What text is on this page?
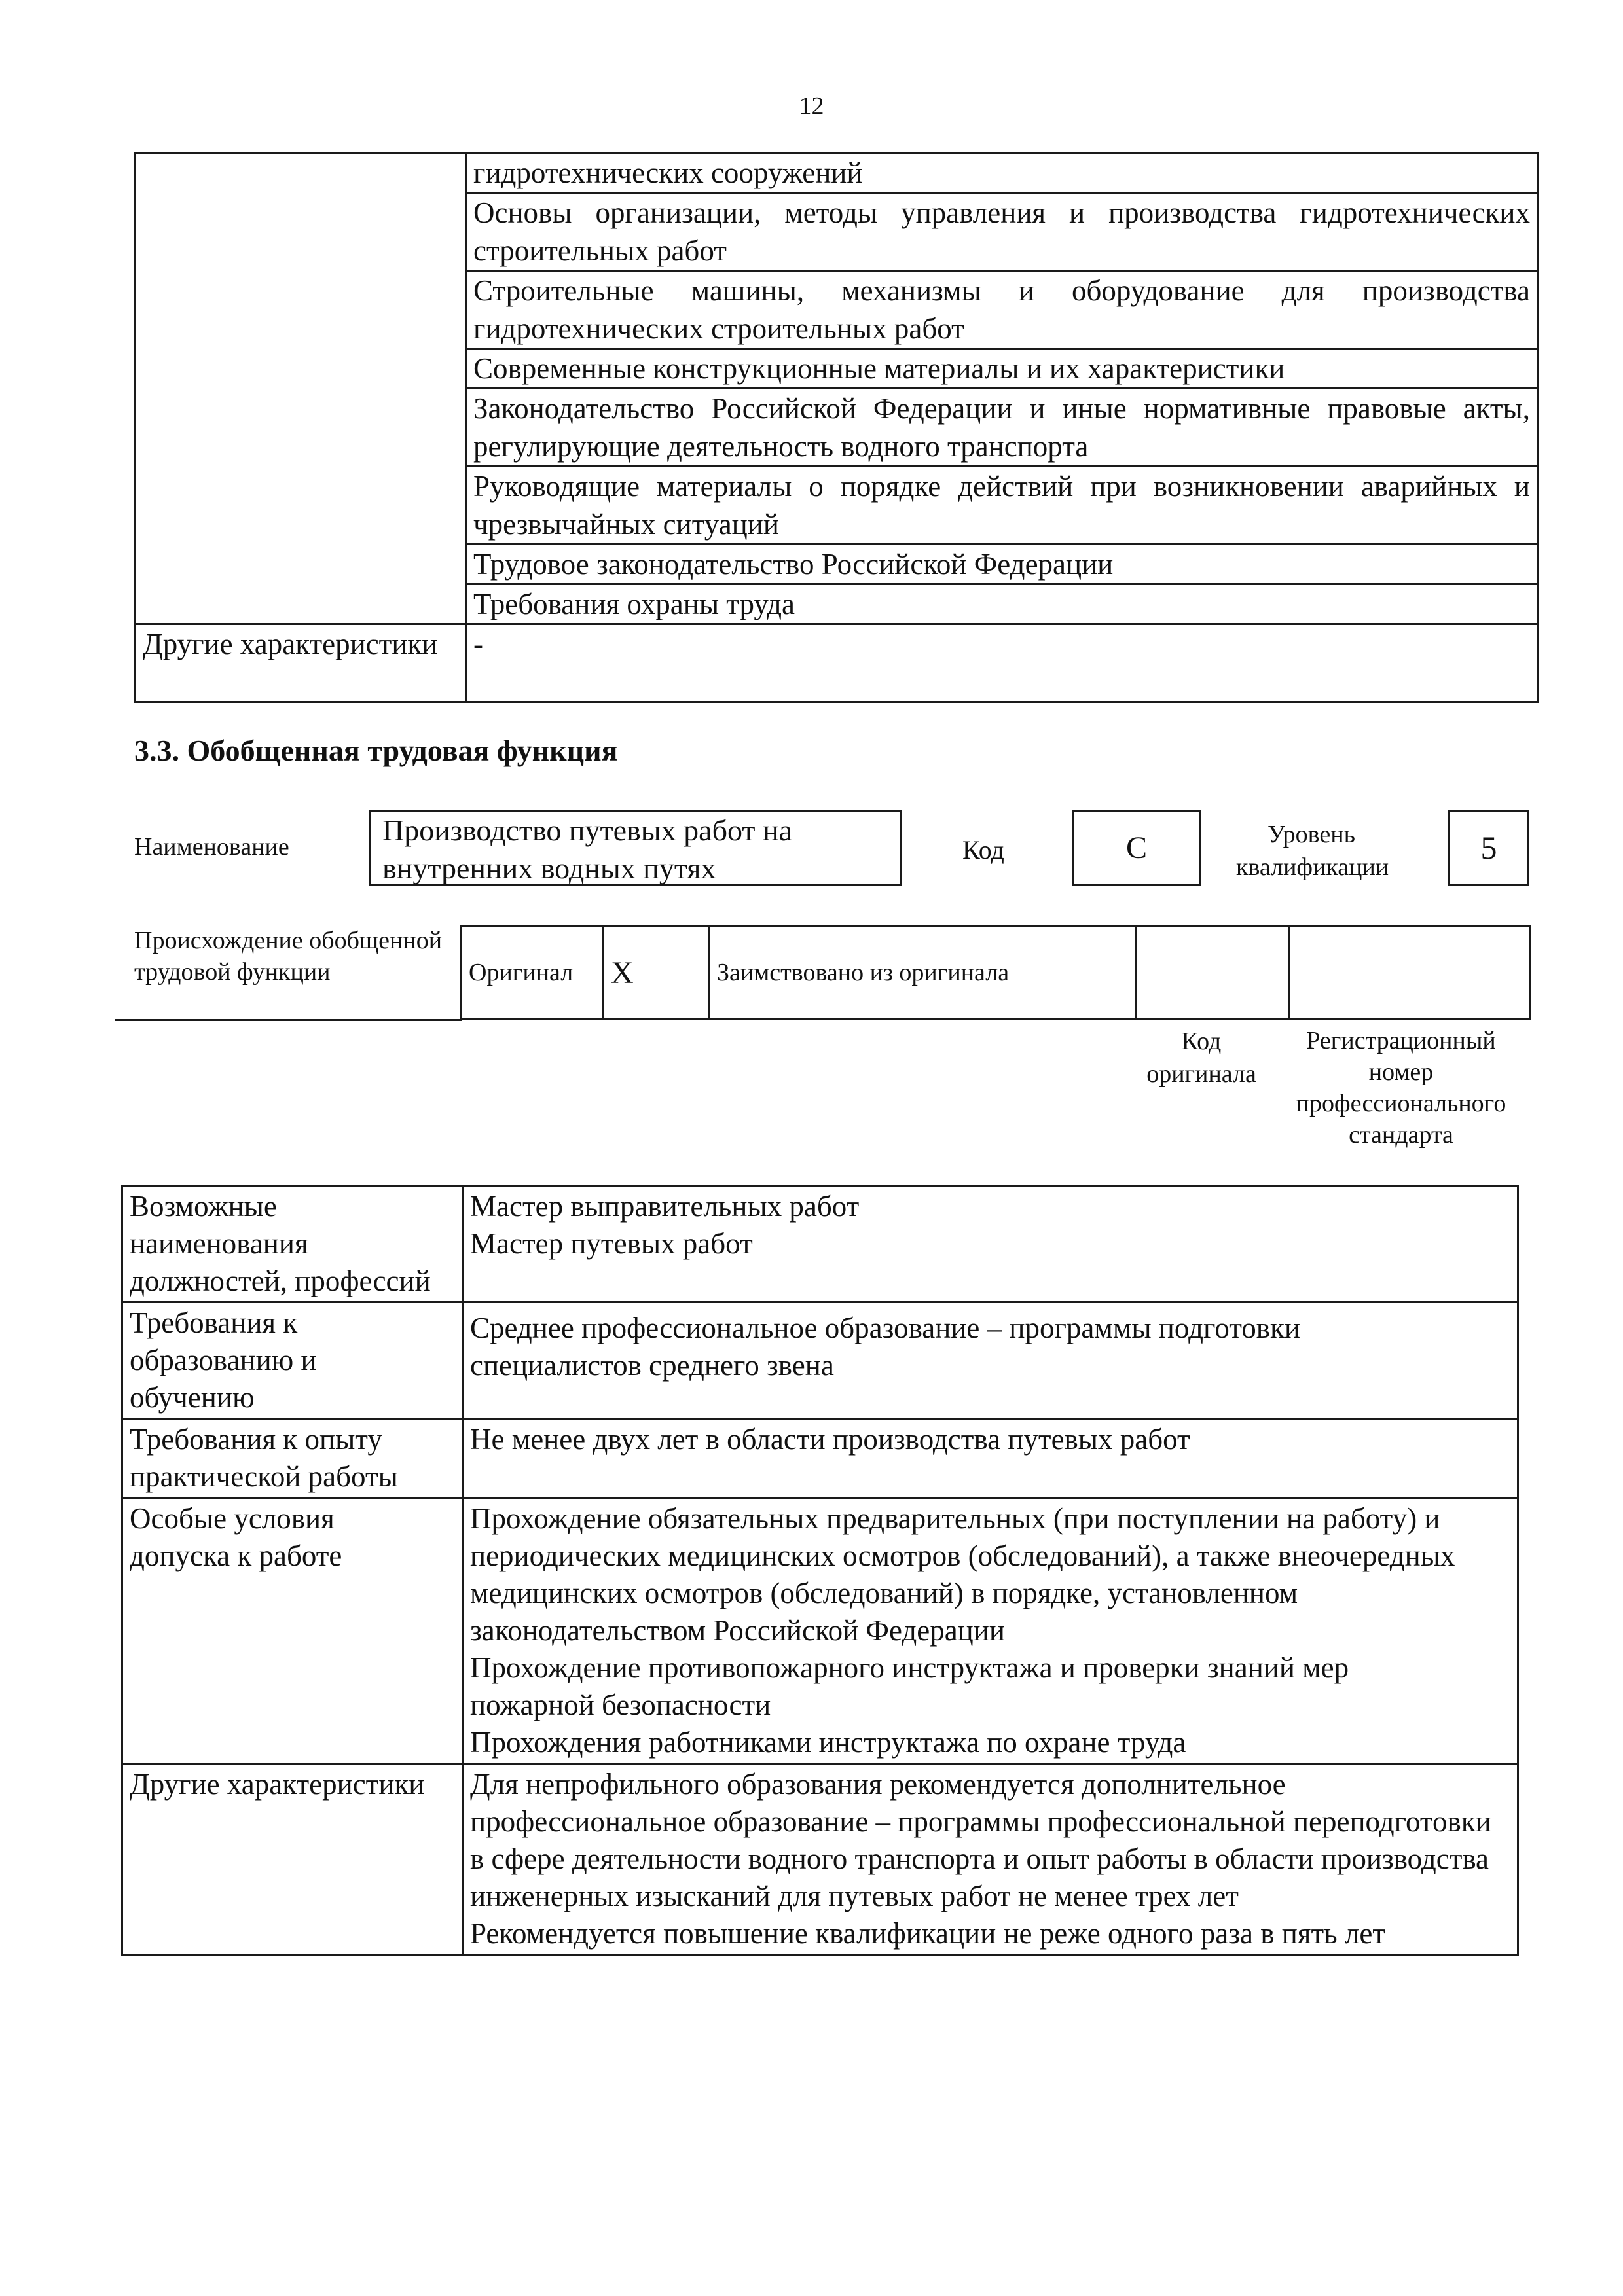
12
	гидротехнических сооружений
	Основы организации, методы управления и производства гидротехнических строительных работ
	Строительные машины, механизмы и оборудование для производства гидротехнических строительных работ
	Современные конструкционные материалы и их характеристики
	Законодательство Российской Федерации и иные нормативные правовые акты, регулирующие деятельность водного транспорта
	Руководящие материалы о порядке действий при возникновении аварийных и чрезвычайных ситуаций
	Трудовое законодательство Российской Федерации
	Требования охраны труда
Другие характеристики	-
3.3. Обобщенная трудовая функция
Наименование	Производство путевых работ на внутренних водных путях
Код	C	Уровень квалификации
5
Происхождение обобщенной трудовой функции	Оригинал	X	Заимствовано из оригинала		
Код оригинала
Регистрационный номер профессионального стандарта
Возможные наименования должностей, профессий	Мастер выправительных работ
Мастер путевых работ

Требования к образованию и обучению	Среднее профессиональное образование – программы подготовки специалистов среднего звена

Требования к опыту практической работы	Не менее двух лет в области производства путевых работ

Особые условия допуска к работе	Прохождение обязательных предварительных (при поступлении на работу) и периодических медицинских осмотров (обследований), а также внеочередных медицинских осмотров (обследований) в порядке, установленном законодательством Российской Федерации
Прохождение противопожарного инструктажа и проверки знаний мер пожарной безопасности
Прохождения работниками инструктажа по охране труда

Другие характеристики	Для непрофильного образования рекомендуется дополнительное профессиональное образование – программы профессиональной переподготовки в сфере деятельности водного транспорта и опыт работы в области производства инженерных изысканий для путевых работ не менее трех лет
Рекомендуется повышение квалификации не реже одного раза в пять лет
